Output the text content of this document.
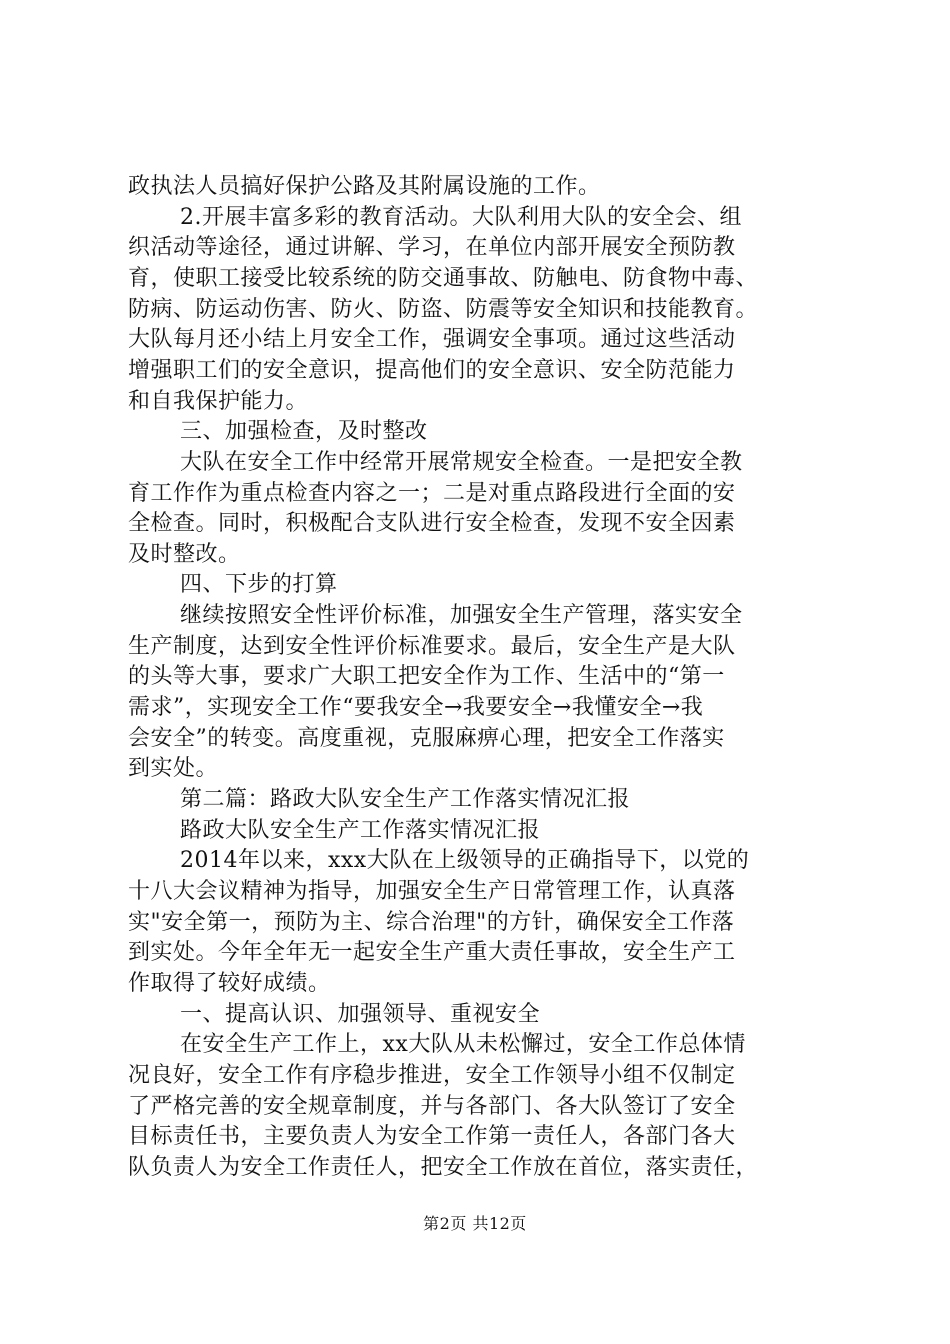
政执法人员搞好保护公路及其附属设施的工作。
2.开展丰富多彩的教育活动。大队利用大队的安全会、组
织活动等途径，通过讲解、学习，在单位内部开展安全预防教
育，使职工接受比较系统的防交通事故、防触电、防食物中毒、
防病、防运动伤害、防火、防盗、防震等安全知识和技能教育。
大队每月还小结上月安全工作，强调安全事项。通过这些活动
增强职工们的安全意识，提高他们的安全意识、安全防范能力
和自我保护能力。
三、加强检查，及时整改
大队在安全工作中经常开展常规安全检查。一是把安全教
育工作作为重点检查内容之一；二是对重点路段进行全面的安
全检查。同时，积极配合支队进行安全检查，发现不安全因素
及时整改。
四、下步的打算
继续按照安全性评价标准，加强安全生产管理，落实安全
生产制度，达到安全性评价标准要求。最后，安全生产是大队
的头等大事，要求广大职工把安全作为工作、生活中的“第一
需求”，实现安全工作“要我安全→我要安全→我懂安全→我
会安全”的转变。高度重视，克服麻痹心理，把安全工作落实
到实处。
第二篇：路政大队安全生产工作落实情况汇报
路政大队安全生产工作落实情况汇报
2014年以来，xxx大队在上级领导的正确指导下，以党的
十八大会议精神为指导，加强安全生产日常管理工作，认真落
实"安全第一，预防为主、综合治理"的方针，确保安全工作落
到实处。今年全年无一起安全生产重大责任事故，安全生产工
作取得了较好成绩。
一、提高认识、加强领导、重视安全
在安全生产工作上，xx大队从未松懈过，安全工作总体情
况良好，安全工作有序稳步推进，安全工作领导小组不仅制定
了严格完善的安全规章制度，并与各部门、各大队签订了安全
目标责任书，主要负责人为安全工作第一责任人，各部门各大
队负责人为安全工作责任人，把安全工作放在首位，落实责任，
第2页 共12页
